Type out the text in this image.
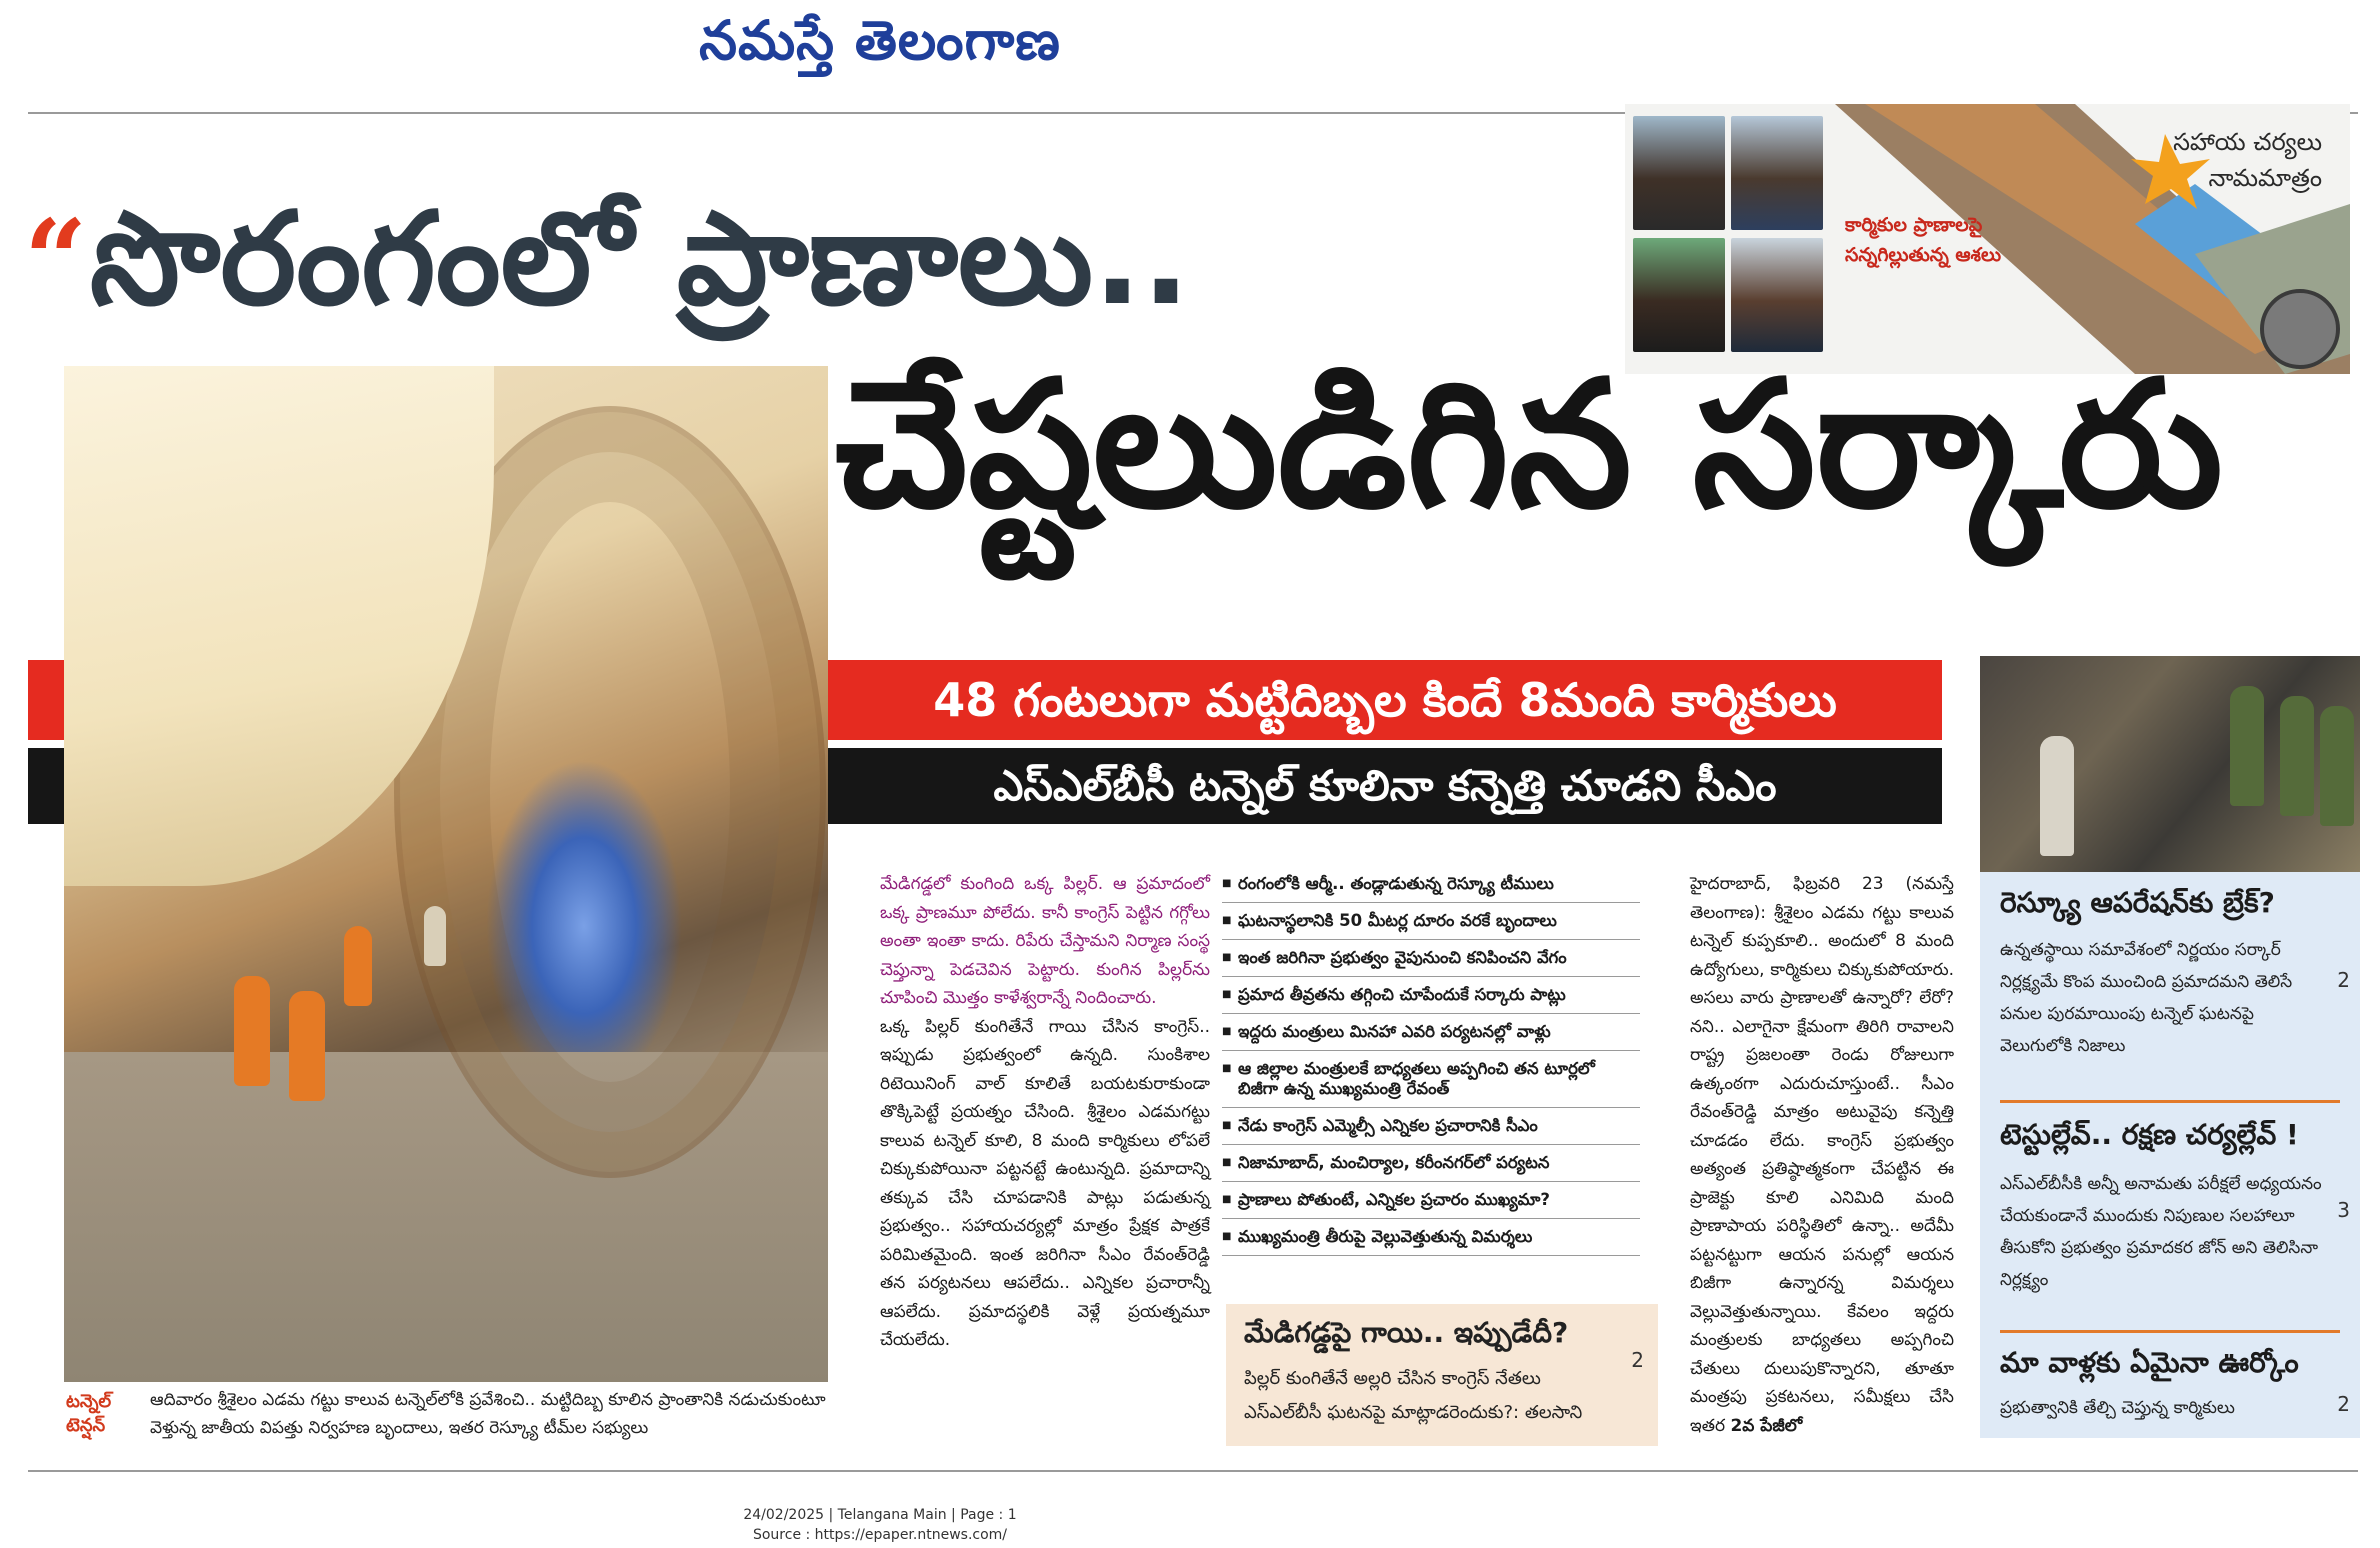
నమస్తే తెలంగాణ
కార్మికుల ప్రాణాలపై సన్నగిల్లుతున్న ఆశలు
సహాయ చర్యలు నామమాత్రం
“ సొరంగంలో ప్రాణాలు..
చేష్టలుడిగిన సర్కారు
48 గంటలుగా మట్టిదిబ్బల కిందే 8మంది కార్మికులు
ఎస్‌ఎల్‌బీసీ టన్నెల్‌ కూలినా కన్నెత్తి చూడని సీఎం
టన్నెల్ టెన్షన్
ఆదివారం శ్రీశైలం ఎడమ గట్టు కాలువ టన్నెల్‌లోకి ప్రవేశించి.. మట్టిదిబ్బ కూలిన ప్రాంతానికి నడుచుకుంటూ వెళ్తున్న జాతీయ విపత్తు నిర్వహణ బృందాలు, ఇతర రెస్క్యూ టీమ్‌ల సభ్యులు

మేడిగడ్డలో కుంగింది ఒక్క పిల్లర్. ఆ ప్రమాదంలో ఒక్క ప్రాణమూ పోలేదు. కానీ కాంగ్రెస్ పెట్టిన గగ్గోలు అంతా ఇంతా కాదు. రిపేరు చేస్తామని నిర్మాణ సంస్థ చెప్తున్నా పెడచెవిన పెట్టారు. కుంగిన పిల్లర్‌ను చూపించి మొత్తం కాళేశ్వరాన్నే నిందించారు.

ఒక్క పిల్లర్ కుంగితేనే గాయి చేసిన కాంగ్రెస్.. ఇప్పుడు ప్రభుత్వంలో ఉన్నది. సుంకిశాల రిటెయినింగ్ వాల్ కూలితే బయటకురాకుండా తొక్కిపెట్టే ప్రయత్నం చేసింది. శ్రీశైలం ఎడమగట్టు కాలువ టన్నెల్ కూలి, 8 మంది కార్మికులు లోపలే చిక్కుకుపోయినా పట్టనట్టే ఉంటున్నది. ప్రమాదాన్ని తక్కువ చేసి చూపడానికి పాట్లు పడుతున్న ప్రభుత్వం.. సహాయచర్యల్లో మాత్రం ప్రేక్షక పాత్రకే పరిమితమైంది. ఇంత జరిగినా సీఎం రేవంత్‌రెడ్డి తన పర్యటనలు ఆపలేదు.. ఎన్నికల ప్రచారాన్నీ ఆపలేదు. ప్రమాదస్థలికి వెళ్లే ప్రయత్నమూ చేయలేదు.

■ రంగంలోకి ఆర్మీ.. తండ్లాడుతున్న రెస్క్యూ టీములు
■ ఘటనాస్థలానికి 50 మీటర్ల దూరం వరకే బృందాలు
■ ఇంత జరిగినా ప్రభుత్వం వైపునుంచి కనిపించని వేగం
■ ప్రమాద తీవ్రతను తగ్గించి చూపేందుకే సర్కారు పాట్లు
■ ఇద్దరు మంత్రులు మినహా ఎవరి పర్యటనల్లో వాళ్లు
■ ఆ జిల్లాల మంత్రులకే బాధ్యతలు అప్పగించి తన టూర్లలో బిజీగా ఉన్న ముఖ్యమంత్రి రేవంత్
■ నేడు కాంగ్రెస్ ఎమ్మెల్సీ ఎన్నికల ప్రచారానికి సీఎం
■ నిజామాబాద్, మంచిర్యాల, కరీంనగర్‌లో పర్యటన
■ ప్రాణాలు పోతుంటే, ఎన్నికల ప్రచారం ముఖ్యమా?
■ ముఖ్యమంత్రి తీరుపై వెల్లువెత్తుతున్న విమర్శలు
మేడిగడ్డపై గాయి.. ఇప్పుడేదీ?
పిల్లర్ కుంగితేనే అల్లరి చేసిన కాంగ్రెస్ నేతలు ఎస్‌ఎల్‌బీసీ ఘటనపై మాట్లాడరెందుకు?: తలసాని
2
హైదరాబాద్, ఫిబ్రవరి 23 (నమస్తే తెలంగాణ): శ్రీశైలం ఎడమ గట్టు కాలువ టన్నెల్ కుప్పకూలి.. అందులో 8 మంది ఉద్యోగులు, కార్మికులు చిక్కుకుపోయారు. అసలు వారు ప్రాణాలతో ఉన్నారో? లేరో?నని.. ఎలాగైనా క్షేమంగా తిరిగి రావాలని రాష్ట్ర ప్రజలంతా రెండు రోజులుగా ఉత్కంఠగా ఎదురుచూస్తుంటే.. సీఎం రేవంత్‌రెడ్డి మాత్రం అటువైపు కన్నెత్తి చూడడం లేదు. కాంగ్రెస్ ప్రభుత్వం అత్యంత ప్రతిష్ఠాత్మకంగా చేపట్టిన ఈ ప్రాజెక్టు కూలి ఎనిమిది మంది ప్రాణాపాయ పరిస్థితిలో ఉన్నా.. అదేమీ పట్టనట్టుగా ఆయన పనుల్లో ఆయన బిజీగా ఉన్నారన్న విమర్శలు వెల్లువెత్తుతున్నాయి. కేవలం ఇద్దరు మంత్రులకు బాధ్యతలు అప్పగించి చేతులు దులుపుకొన్నారని, తూతూ మంత్రపు ప్రకటనలు, సమీక్షలు చేసి ఇతర 2వ పేజీలో
రెస్క్యూ ఆపరేషన్‌కు బ్రేక్?
ఉన్నతస్థాయి సమావేశంలో నిర్ణయం సర్కార్ నిర్లక్ష్యమే కొంప ముంచింది ప్రమాదమని తెలిసే పనుల పురమాయింపు టన్నెల్ ఘటనపై వెలుగులోకి నిజాలు
2
టెస్టుల్లేవ్.. రక్షణ చర్యల్లేవ్ !
ఎస్‌ఎల్‌బీసీకి అన్నీ అనామతు పరీక్షలే అధ్యయనం చేయకుండానే ముందుకు నిపుణుల సలహాలూ తీసుకోని ప్రభుత్వం ప్రమాదకర జోన్ అని తెలిసినా నిర్లక్ష్యం
3
మా వాళ్లకు ఏమైనా ఊర్కోం
ప్రభుత్వానికి తేల్చి చెప్తున్న కార్మికులు	2
24/02/2025 | Telangana Main | Page : 1
Source : https://epaper.ntnews.com/
